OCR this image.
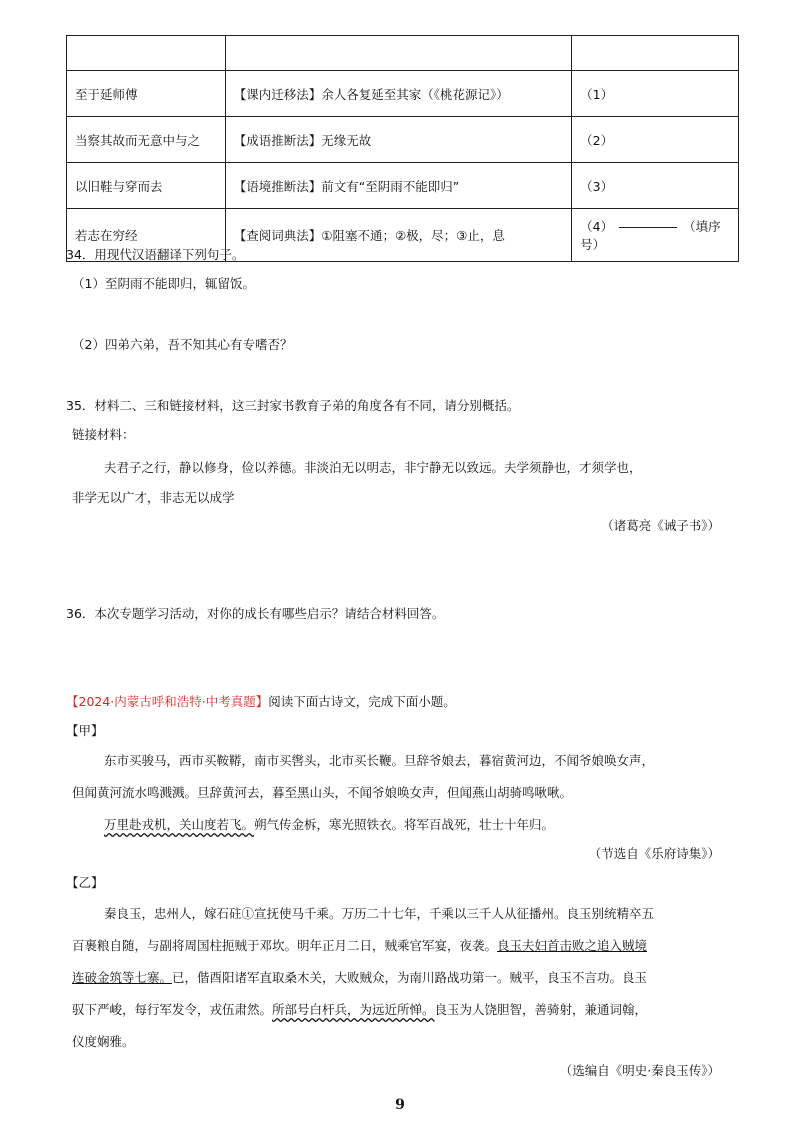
至于延师傅	【课内迁移法】余人各复延至其家（《桃花源记》）	（1）
当察其故而无意中与之	【成语推断法】无缘无故	（2）
以旧鞋与穿而去	【语境推断法】前文有“至阴雨不能即归”	（3）
若志在穷经	【查阅词典法】①阻塞不通；②极，尽；③止，息	（4） （填序
号）
34．用现代汉语翻译下列句子。
（1）至阴雨不能即归，辄留饭。
（2）四弟六弟，吾不知其心有专嗜否？
35．材料二、三和链接材料，这三封家书教育子弟的角度各有不同，请分别概括。
链接材料：
夫君子之行，静以修身，俭以养德。非淡泊无以明志，非宁静无以致远。夫学须静也，才须学也，
非学无以广才，非志无以成学
（诸葛亮《诫子书》）
36．本次专题学习活动，对你的成长有哪些启示？请结合材料回答。
【2024·内蒙古呼和浩特·中考真题】阅读下面古诗文，完成下面小题。
【甲】
东市买骏马，西市买鞍鞯，南市买辔头，北市买长鞭。旦辞爷娘去，暮宿黄河边，不闻爷娘唤女声，
但闻黄河流水鸣溅溅。旦辞黄河去，暮至黑山头，不闻爷娘唤女声，但闻燕山胡骑鸣啾啾。
万里赴戎机，关山度若飞。朔气传金柝，寒光照铁衣。将军百战死，壮士十年归。
（节选自《乐府诗集》）
【乙】
秦良玉，忠州人，嫁石砫①宣抚使马千乘。万历二十七年，千乘以三千人从征播州。良玉别统精卒五
百裹粮自随，与副将周国柱扼贼于邓坎。明年正月二日，贼乘官军宴，夜袭。良玉夫妇首击败之追入贼境
连破金筑等七寨。已，偕酉阳诸军直取桑木关，大败贼众，为南川路战功第一。贼平，良玉不言功。良玉
驭下严峻，每行军发令，戎伍肃然。所部号白杆兵，为远近所惮。良玉为人饶胆智，善骑射，兼通词翰，
仪度娴雅。
（选编自《明史·秦良玉传》）
9
